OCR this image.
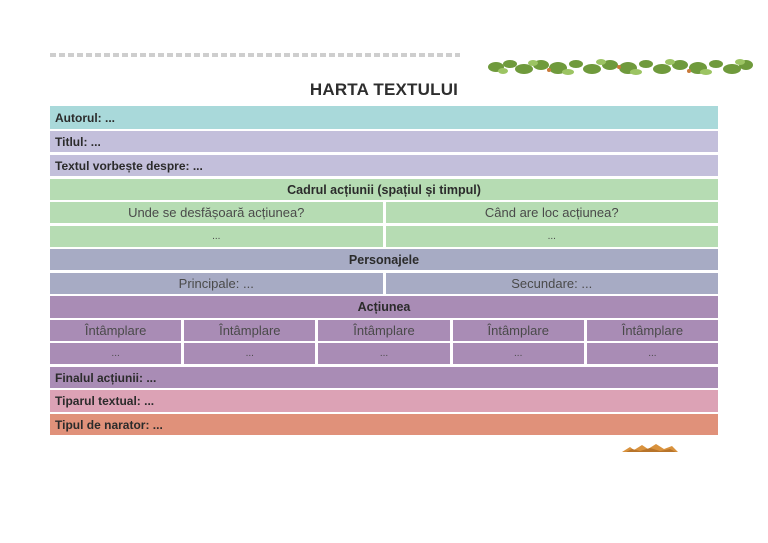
HARTA TEXTULUI
Autorul: ...
Titlul: ...
Textul vorbește despre: ...
Cadrul acțiunii (spațiul și timpul)
Unde se desfășoară acțiunea?	Când are loc acțiunea?
...	...
Personajele
Principale: ...	Secundare: ...
Acțiunea
Întâmplare	Întâmplare	Întâmplare	Întâmplare	Întâmplare
...	...	...	...	...
Finalul acțiunii: ...
Tiparul textual: ...
Tipul de narator: ...
